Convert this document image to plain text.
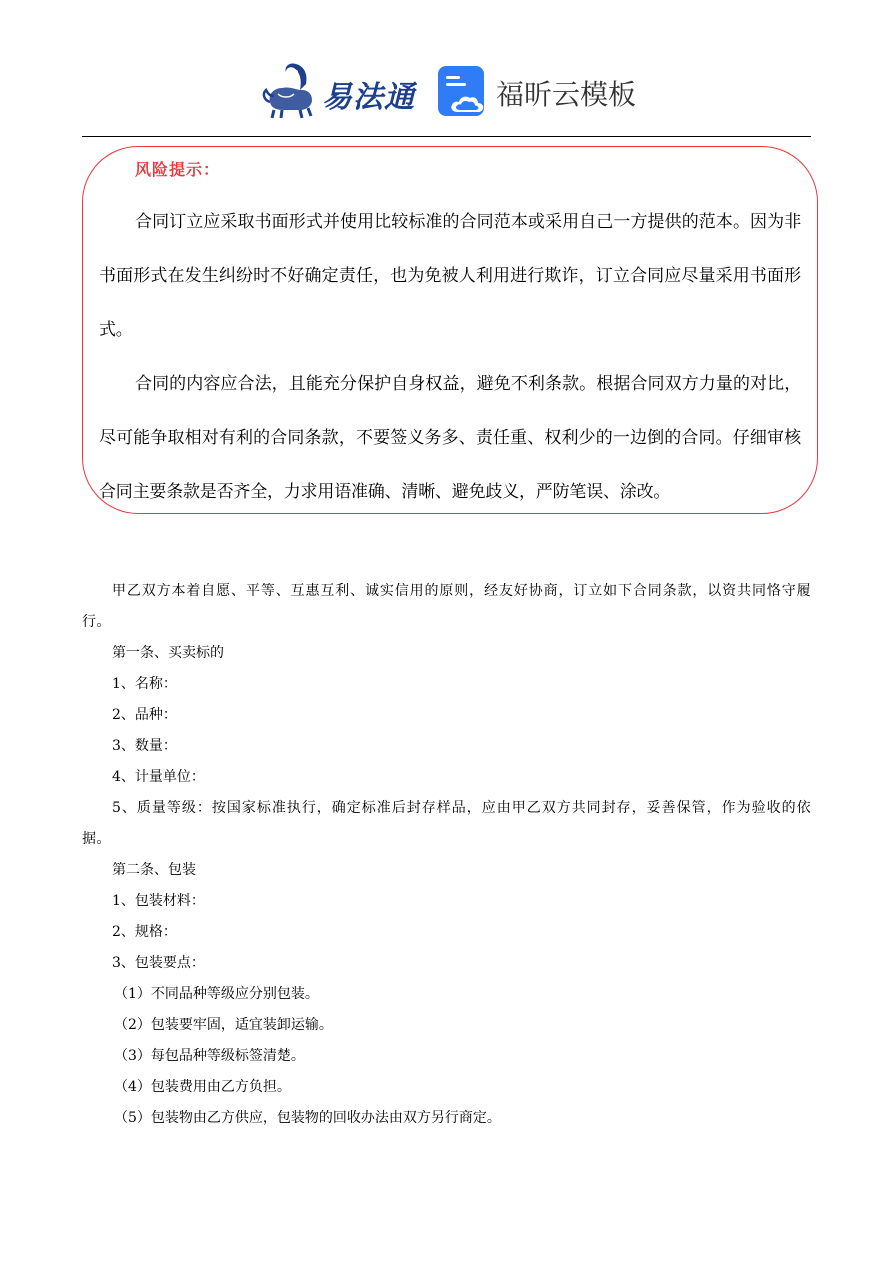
易法通	福昕云模板
风险提示：
合同订立应采取书面形式并使用比较标准的合同范本或采用自己一方提供的范本。因为非书面形式在发生纠纷时不好确定责任，也为免被人利用进行欺诈，订立合同应尽量采用书面形式。
合同的内容应合法，且能充分保护自身权益，避免不利条款。根据合同双方力量的对比，尽可能争取相对有利的合同条款，不要签义务多、责任重、权利少的一边倒的合同。仔细审核合同主要条款是否齐全，力求用语准确、清晰、避免歧义，严防笔误、涂改。
甲乙双方本着自愿、平等、互惠互利、诚实信用的原则，经友好协商，订立如下合同条款，以资共同恪守履行。
第一条、买卖标的
1、名称：
2、品种：
3、数量：
4、计量单位：
5、质量等级：按国家标准执行，确定标准后封存样品，应由甲乙双方共同封存，妥善保管，作为验收的依据。
第二条、包装
1、包装材料：
2、规格：
3、包装要点：
（1）不同品种等级应分别包装。
（2）包装要牢固，适宜装卸运输。
（3）每包品种等级标签清楚。
（4）包装费用由乙方负担。
（5）包装物由乙方供应，包装物的回收办法由双方另行商定。
